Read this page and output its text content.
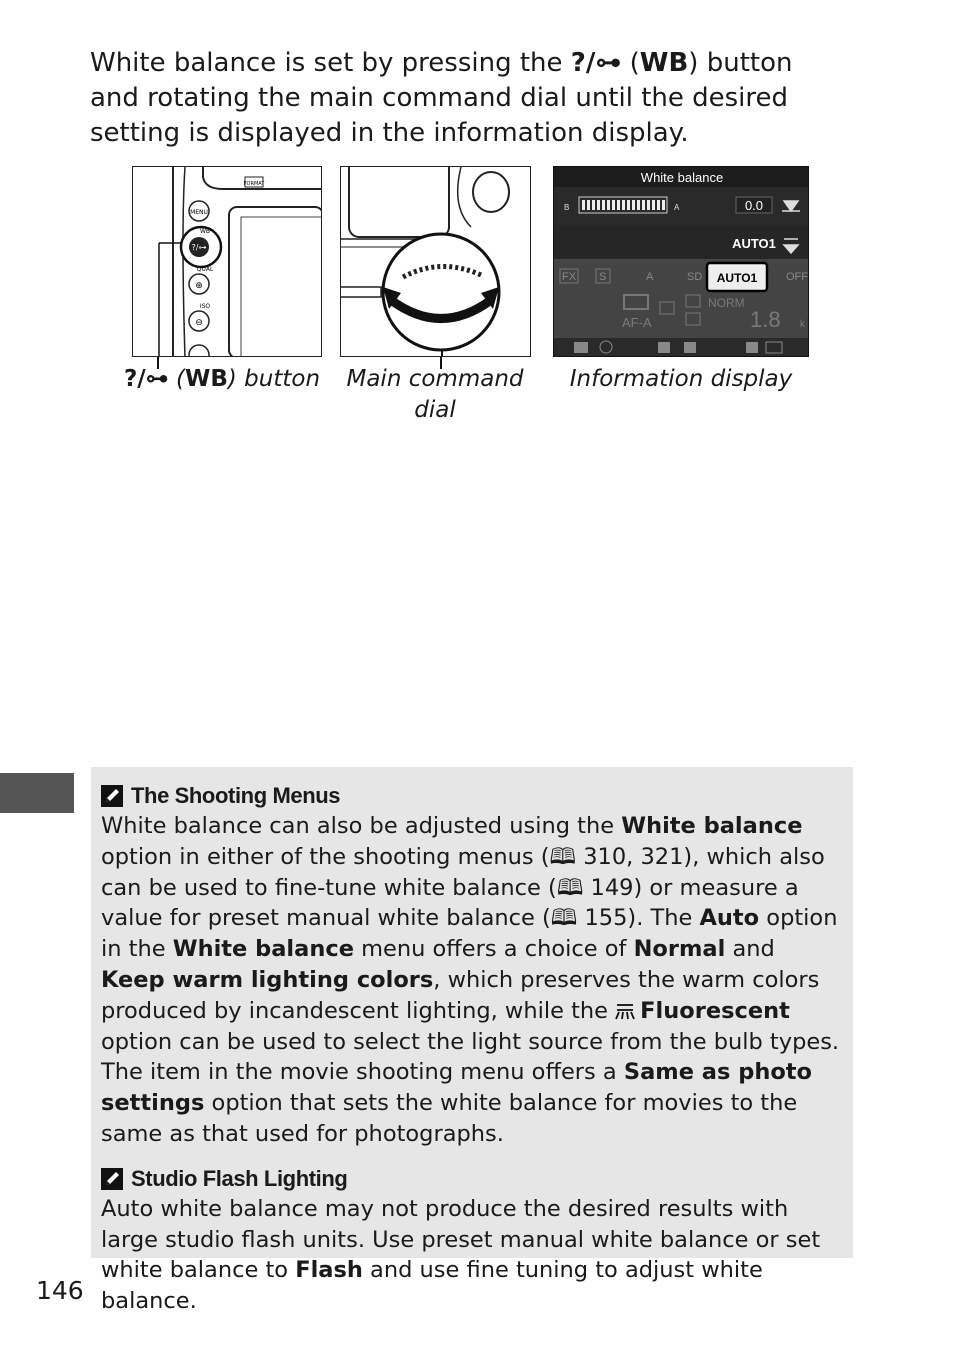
White balance is set by pressing the ?/⊶ (WB) button and rotating the main command dial until the desired setting is displayed in the information display.

FORMAT
MENU
?/⊶
WB
QUAL
⊕
ISO
⊖
White balance
B	A	0.0
AUTO1
FX S	A	SD	OFF
AUTO1
AF-A
NORM
1.8 k
?/⊶ (WB) button	Main command dial
Information display
The Shooting Menus

White balance can also be adjusted using the White balance option in either of the shooting menus (🕮 310, 321), which also can be used to fine-tune white balance (🕮 149) or measure a value for preset manual white balance (🕮 155). The Auto option in the White balance menu offers a choice of Normal and Keep warm lighting colors, which preserves the warm colors produced by incandescent lighting, while the Fluorescent option can be used to select the light source from the bulb types. The item in the movie shooting menu offers a Same as photo settings option that sets the white balance for movies to the same as that used for photographs.

Studio Flash Lighting

Auto white balance may not produce the desired results with large studio flash units. Use preset manual white balance or set white balance to Flash and use fine tuning to adjust white balance.

146
